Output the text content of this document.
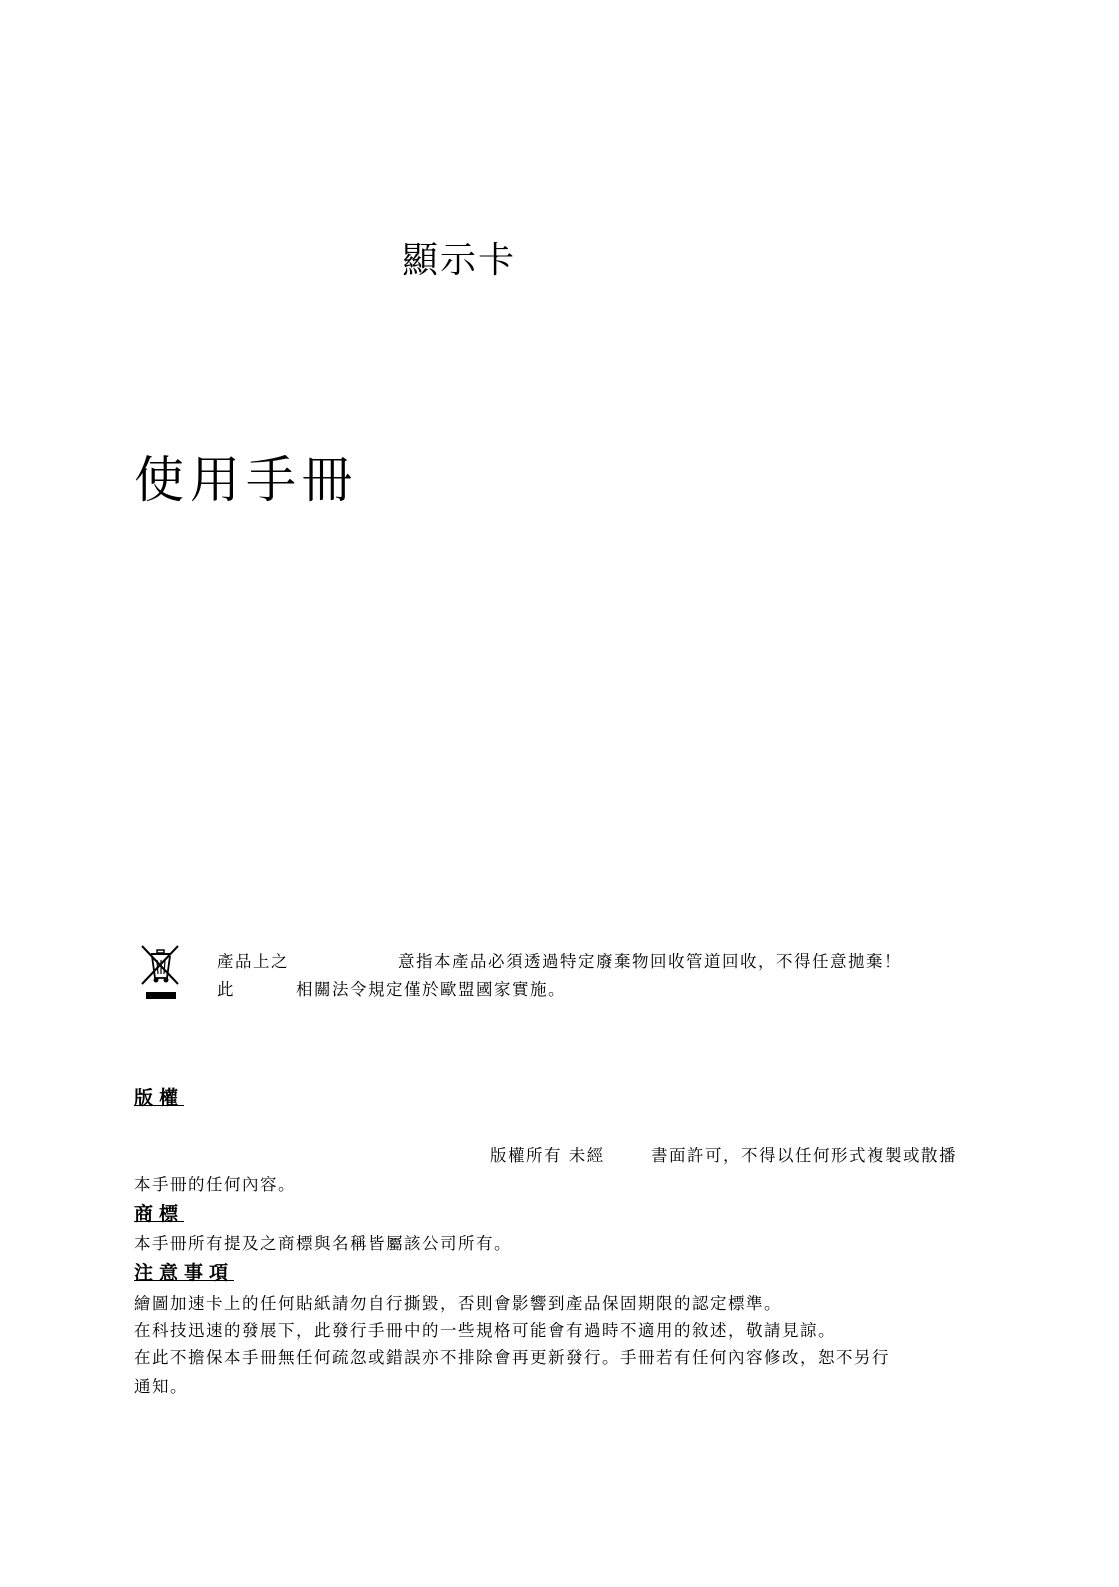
顯示卡
使用手冊
產品上之	意指本產品必須透過特定廢棄物回收管道回收，不得任意拋棄！
此	相關法令規定僅於歐盟國家實施。
版權
版權所有 未經	書面許可，不得以任何形式複製或散播
本手冊的任何內容。
商標
本手冊所有提及之商標與名稱皆屬該公司所有。
注意事項
繪圖加速卡上的任何貼紙請勿自行撕毀，否則會影響到產品保固期限的認定標準。
在科技迅速的發展下，此發行手冊中的一些規格可能會有過時不適用的敘述，敬請見諒。
在此不擔保本手冊無任何疏忽或錯誤亦不排除會再更新發行。手冊若有任何內容修改，恕不另行
通知。
